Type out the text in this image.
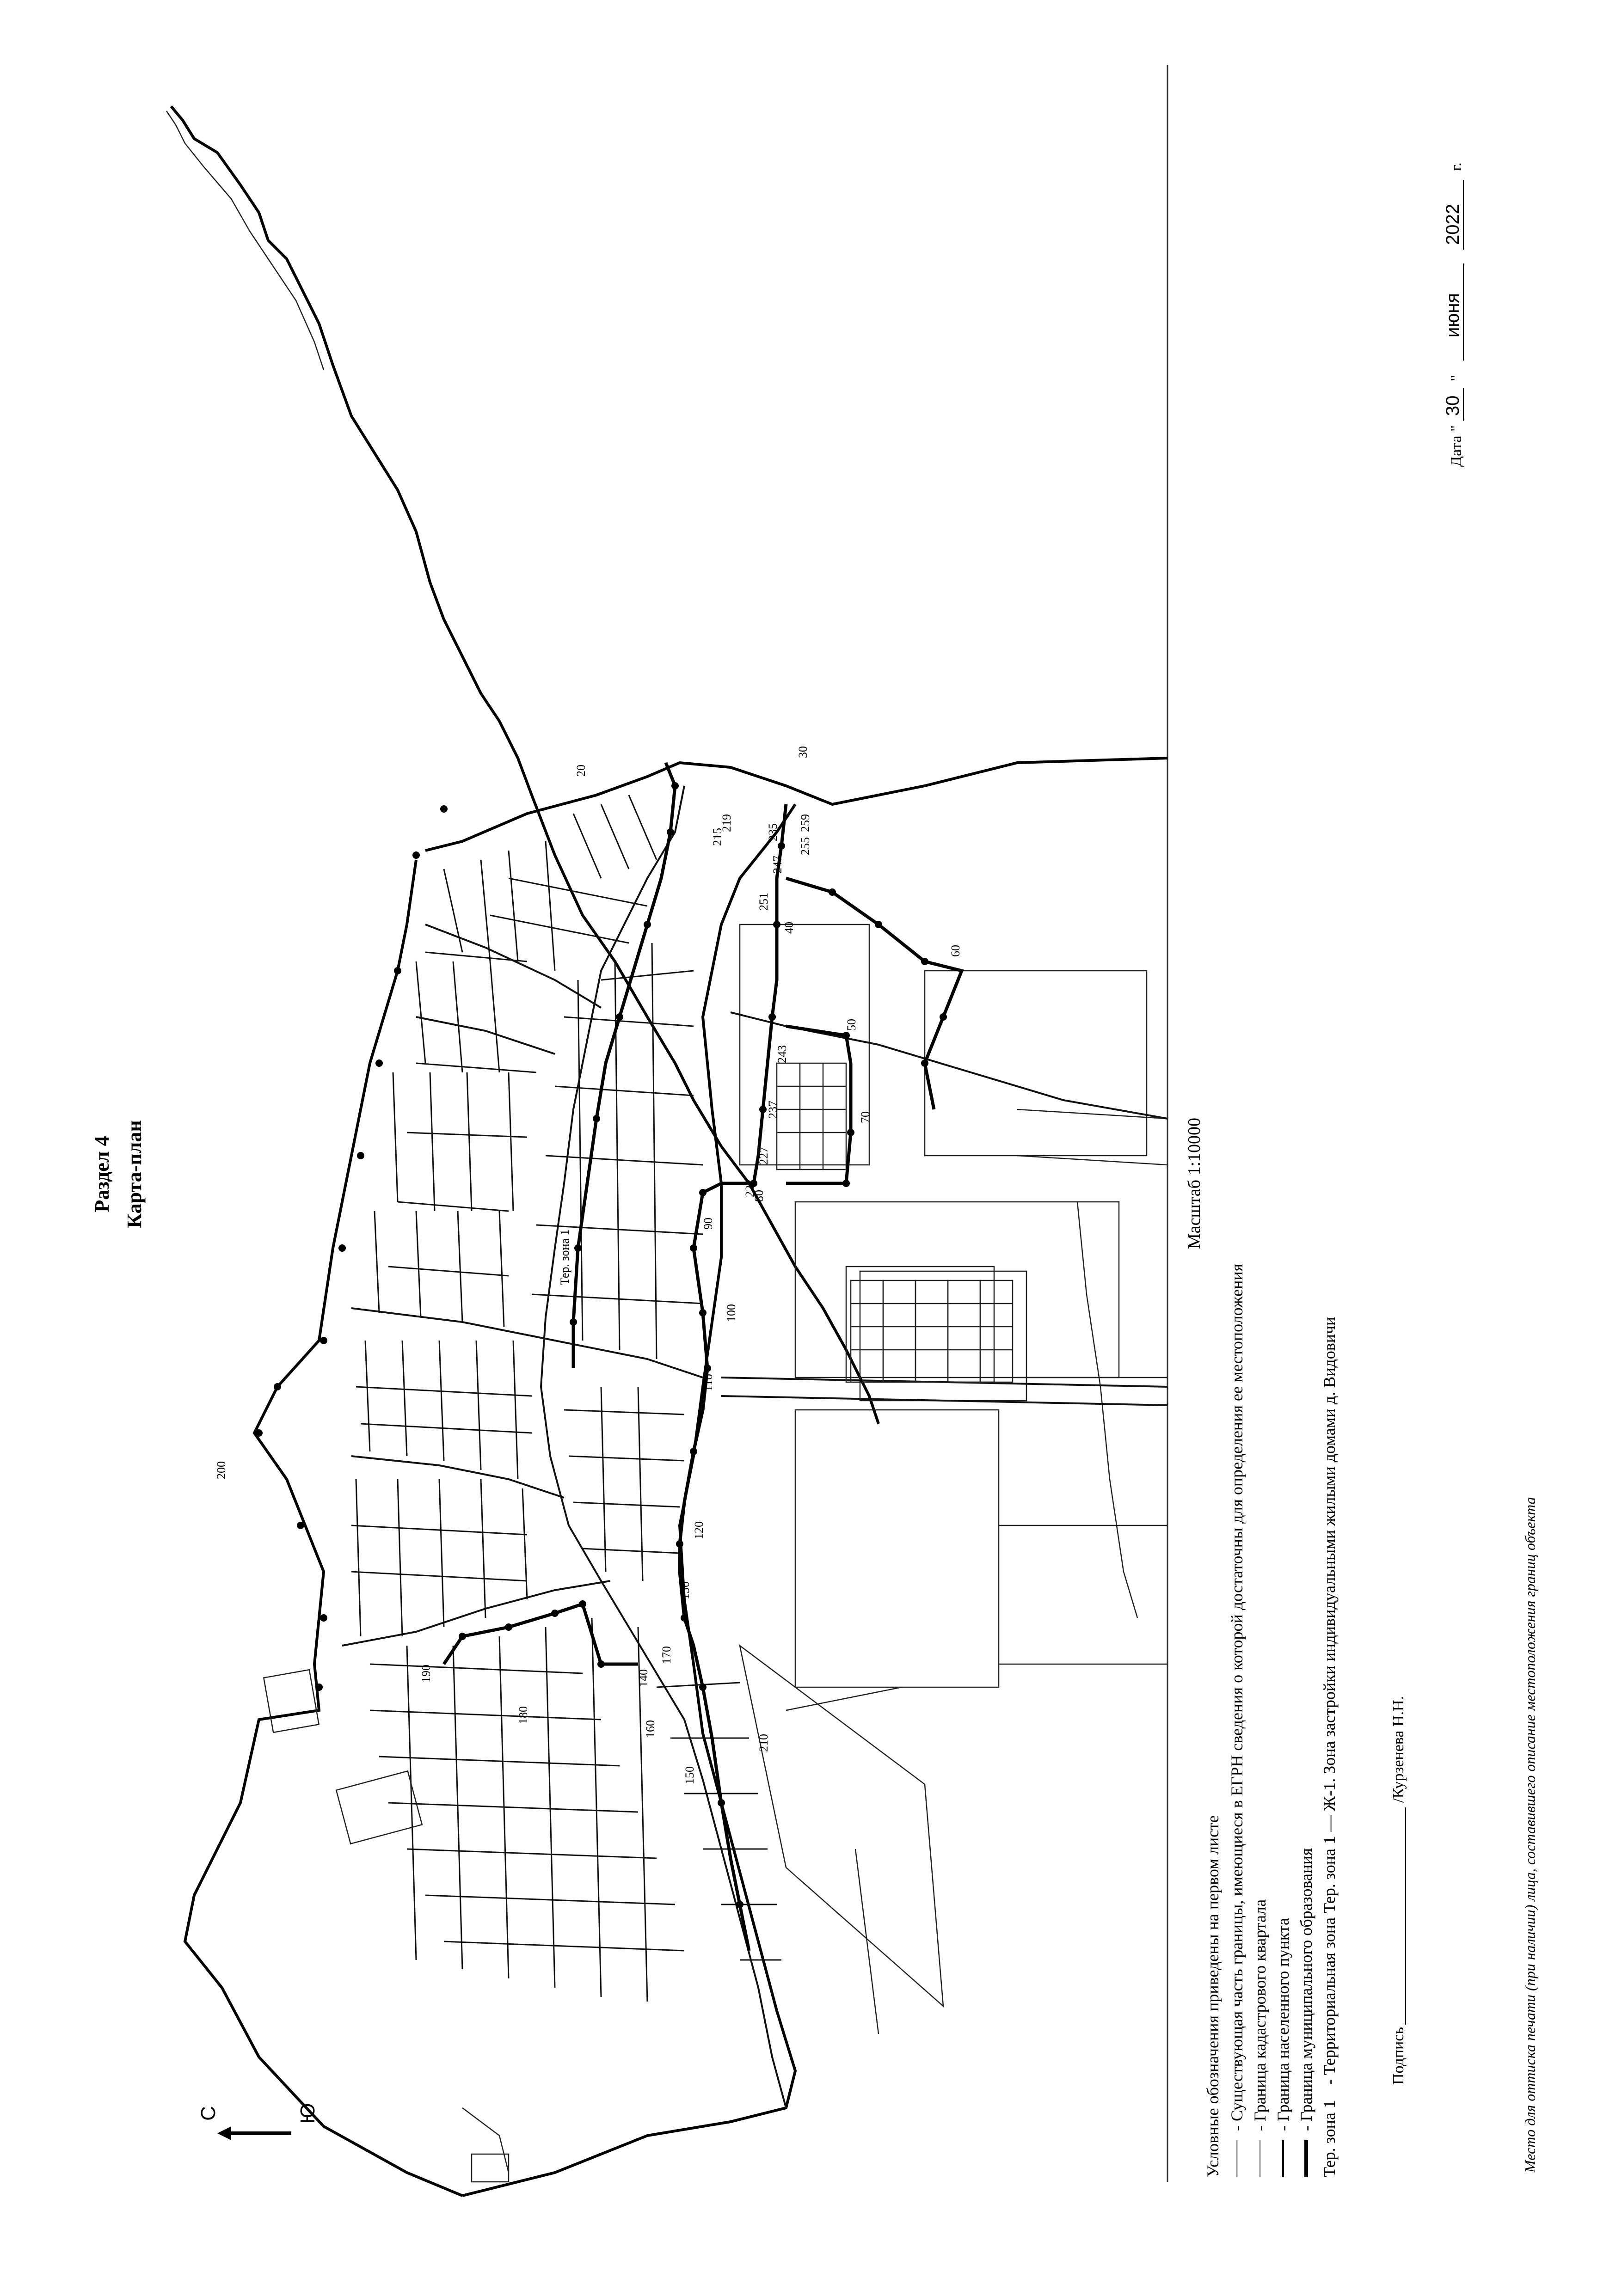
Раздел 4 Карта-план	Масштаб 1:10000
С	Ю
20
30
40
50
60
70
80
90
100
110
120
130
140
150
160
170
180
190
200
210
215
219
222
227
235
237
243
247
251
255
259
Тер. зона 1
Условные обозначения приведены на первом листе - Существующая часть границы, имеющиеся в ЕГРН сведения о которой достаточны для определения ее местоположения - Граница кадастрового квартала - Граница населенного пункта - Граница муниципального образования
Тер. зона 1
- Территориальная зона Тер. зона 1 — Ж-1. Зона застройки индивидуальными жилыми домами д. Видовичи	Подпись
/Курзенева Н.Н.
Дата "
30
"
июня
2022
г.
Место для оттиска печати (при наличии) лица, составившего описание местоположения границ объекта
